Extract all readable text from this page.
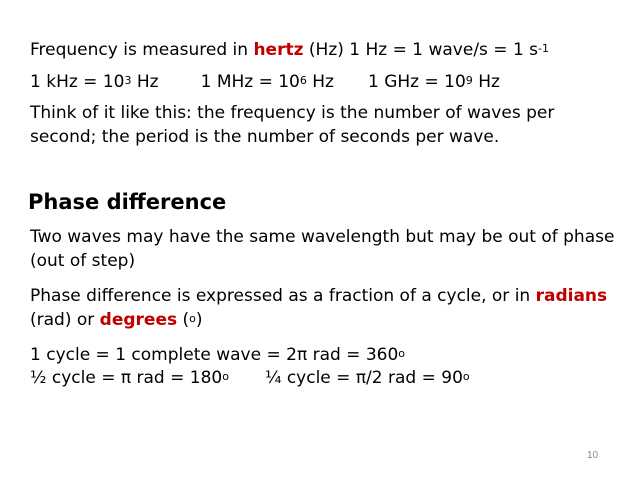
Frequency is measured in hertz (Hz) 1 Hz = 1 wave/s = 1 $s^{-1}$

1 kHz = $10^3$ Hz 1 MHz = $10^6$ Hz 1 GHz = $10^9$ Hz

Think of it like this: the frequency is the number of waves per second; the period is the number of seconds per wave.

Phase difference

Two waves may have the same wavelength but may be out of phase (out of step)

Phase difference is expressed as a fraction of a cycle, or in radians (rad) or degrees ($^o$)

1 cycle = 1 complete wave = 2π rad = $360^o$

½ cycle = π rad = $180^o$ ¼ cycle = π/2 rad = $90^o$

10
